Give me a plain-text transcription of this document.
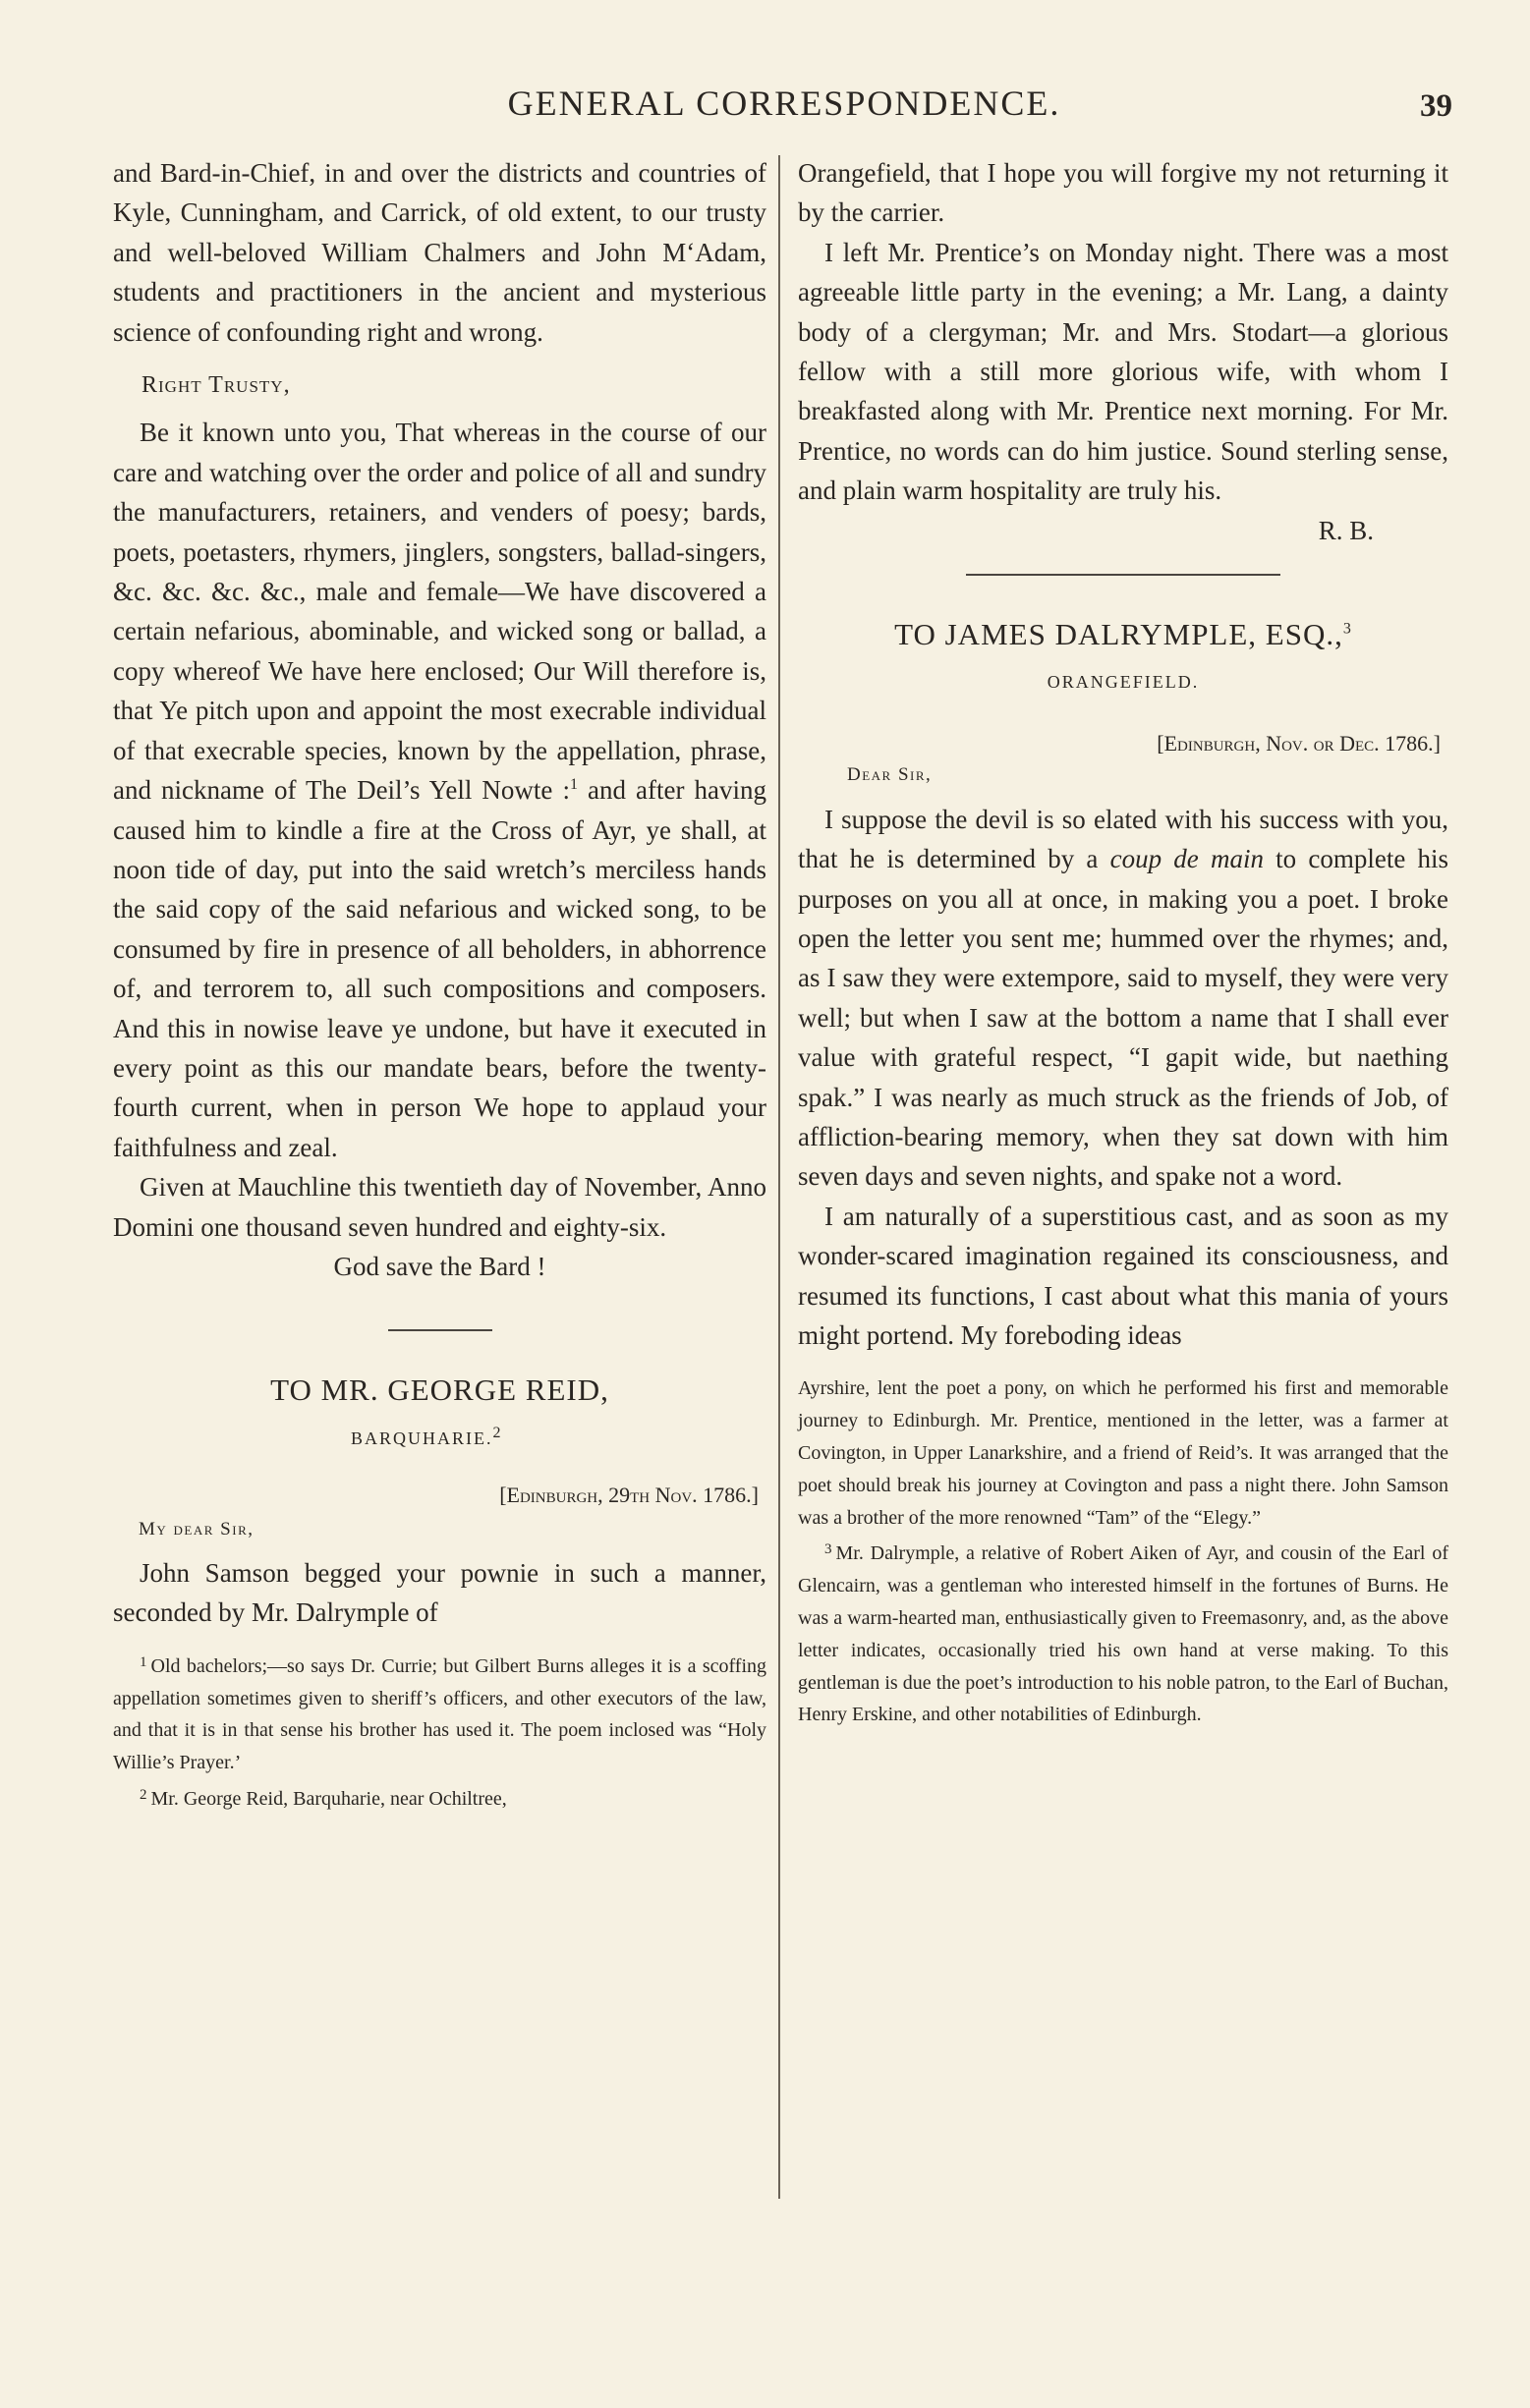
GENERAL CORRESPONDENCE.	39

and Bard-in-Chief, in and over the districts and countries of Kyle, Cunningham, and Carrick, of old extent, to our trusty and well-beloved William Chalmers and John M‘Adam, students and practitioners in the ancient and mysterious science of confounding right and wrong.

Right Trusty,

Be it known unto you, That whereas in the course of our care and watching over the order and police of all and sundry the manufacturers, retainers, and venders of poesy; bards, poets, poetasters, rhymers, jinglers, songsters, ballad-singers, &c. &c. &c. &c., male and female—We have discovered a certain nefarious, abominable, and wicked song or ballad, a copy whereof We have here enclosed; Our Will therefore is, that Ye pitch upon and appoint the most execrable individual of that execrable species, known by the appellation, phrase, and nickname of The Deil’s Yell Nowte :$^1$ and after having caused him to kindle a fire at the Cross of Ayr, ye shall, at noon tide of day, put into the said wretch’s merciless hands the said copy of the said nefarious and wicked song, to be consumed by fire in presence of all beholders, in abhorrence of, and terrorem to, all such compositions and composers. And this in nowise leave ye undone, but have it executed in every point as this our mandate bears, before the twenty-fourth current, when in person We hope to applaud your faithfulness and zeal.

Given at Mauchline this twentieth day of November, Anno Domini one thousand seven hundred and eighty-six.

God save the Bard !

TO MR. GEORGE REID,

BARQUHARIE.$^2$

[Edinburgh, 29th Nov. 1786.]

My dear Sir,

John Samson begged your pownie in such a manner, seconded by Mr. Dalrymple of

$^1$ Old bachelors;—so says Dr. Currie; but Gilbert Burns alleges it is a scoffing appellation sometimes given to sheriff’s officers, and other executors of the law, and that it is in that sense his brother has used it. The poem inclosed was “Holy Willie’s Prayer.’

$^2$ Mr. George Reid, Barquharie, near Ochiltree,

Orangefield, that I hope you will forgive my not returning it by the carrier.

I left Mr. Prentice’s on Monday night. There was a most agreeable little party in the evening; a Mr. Lang, a dainty body of a clergyman; Mr. and Mrs. Stodart—a glorious fellow with a still more glorious wife, with whom I breakfasted along with Mr. Prentice next morning. For Mr. Prentice, no words can do him justice. Sound sterling sense, and plain warm hospitality are truly his.

R. B.

TO JAMES DALRYMPLE, ESQ.,$^3$

ORANGEFIELD.

[Edinburgh, Nov. or Dec. 1786.]

Dear Sir,

I suppose the devil is so elated with his success with you, that he is determined by a coup de main to complete his purposes on you all at once, in making you a poet. I broke open the letter you sent me; hummed over the rhymes; and, as I saw they were extempore, said to myself, they were very well; but when I saw at the bottom a name that I shall ever value with grateful respect, “I gapit wide, but naething spak.” I was nearly as much struck as the friends of Job, of affliction-bearing memory, when they sat down with him seven days and seven nights, and spake not a word.

I am naturally of a superstitious cast, and as soon as my wonder-scared imagination regained its consciousness, and resumed its functions, I cast about what this mania of yours might portend. My foreboding ideas

Ayrshire, lent the poet a pony, on which he performed his first and memorable journey to Edinburgh. Mr. Prentice, mentioned in the letter, was a farmer at Covington, in Upper Lanarkshire, and a friend of Reid’s. It was arranged that the poet should break his journey at Covington and pass a night there. John Samson was a brother of the more renowned “Tam” of the “Elegy.”

$^3$ Mr. Dalrymple, a relative of Robert Aiken of Ayr, and cousin of the Earl of Glencairn, was a gentleman who interested himself in the fortunes of Burns. He was a warm-hearted man, enthusiastically given to Freemasonry, and, as the above letter indicates, occasionally tried his own hand at verse making. To this gentleman is due the poet’s introduction to his noble patron, to the Earl of Buchan, Henry Erskine, and other notabilities of Edinburgh.
